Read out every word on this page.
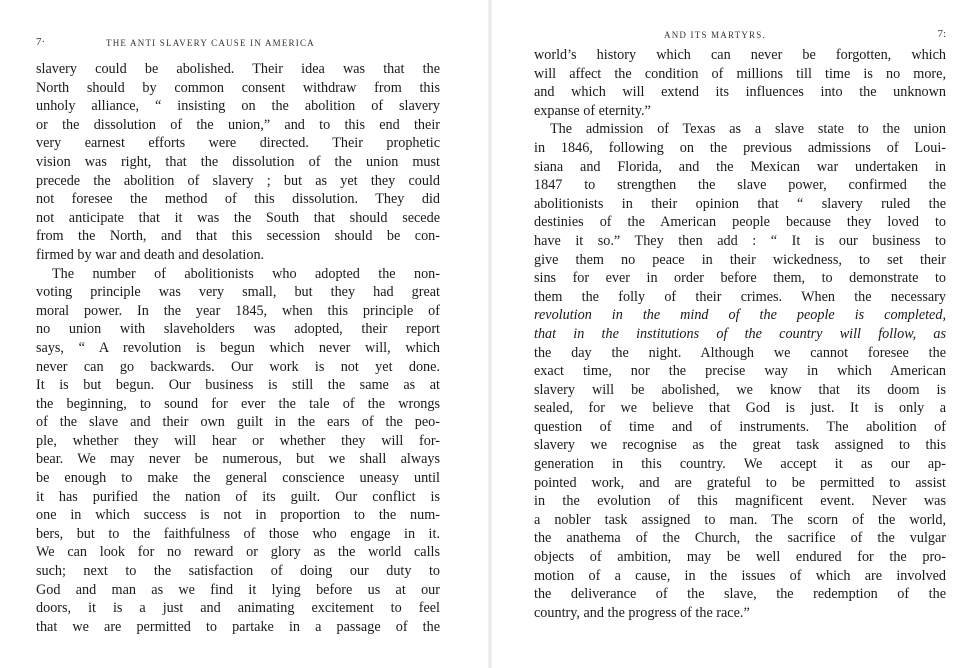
7·	THE ANTI SLAVERY CAUSE IN AMERICA
slavery could be abolished. Their idea was that the
North should by common consent withdraw from this
unholy alliance, “ insisting on the abolition of slavery
or the dissolution of the union,” and to this end their
very earnest efforts were directed. Their prophetic
vision was right, that the dissolution of the union must
precede the abolition of slavery ; but as yet they could
not foresee the method of this dissolution. They did
not anticipate that it was the South that should secede
from the North, and that this secession should be con-
firmed by war and death and desolation.
The number of abolitionists who adopted the non-
voting principle was very small, but they had great
moral power. In the year 1845, when this principle of
no union with slaveholders was adopted, their report
says, “ A revolution is begun which never will, which
never can go backwards. Our work is not yet done.
It is but begun. Our business is still the same as at
the beginning, to sound for ever the tale of the wrongs
of the slave and their own guilt in the ears of the peo-
ple, whether they will hear or whether they will for-
bear. We may never be numerous, but we shall always
be enough to make the general conscience uneasy until
it has purified the nation of its guilt. Our conflict is
one in which success is not in proportion to the num-
bers, but to the faithfulness of those who engage in it.
We can look for no reward or glory as the world calls
such; next to the satisfaction of doing our duty to
God and man as we find it lying before us at our
doors, it is a just and animating excitement to feel
that we are permitted to partake in a passage of the
AND ITS MARTYRS.	7:
world’s history which can never be forgotten, which
will affect the condition of millions till time is no more,
and which will extend its influences into the unknown
expanse of eternity.”
The admission of Texas as a slave state to the union
in 1846, following on the previous admissions of Loui-
siana and Florida, and the Mexican war undertaken in
1847 to strengthen the slave power, confirmed the
abolitionists in their opinion that “ slavery ruled the
destinies of the American people because they loved to
have it so.” They then add : “ It is our business to
give them no peace in their wickedness, to set their
sins for ever in order before them, to demonstrate to
them the folly of their crimes. When the necessary
revolution in the mind of the people is completed,
that in the institutions of the country will follow, as
the day the night. Although we cannot foresee the
exact time, nor the precise way in which American
slavery will be abolished, we know that its doom is
sealed, for we believe that God is just. It is only a
question of time and of instruments. The abolition of
slavery we recognise as the great task assigned to this
generation in this country. We accept it as our ap-
pointed work, and are grateful to be permitted to assist
in the evolution of this magnificent event. Never was
a nobler task assigned to man. The scorn of the world,
the anathema of the Church, the sacrifice of the vulgar
objects of ambition, may be well endured for the pro-
motion of a cause, in the issues of which are involved
the deliverance of the slave, the redemption of the
country, and the progress of the race.”
